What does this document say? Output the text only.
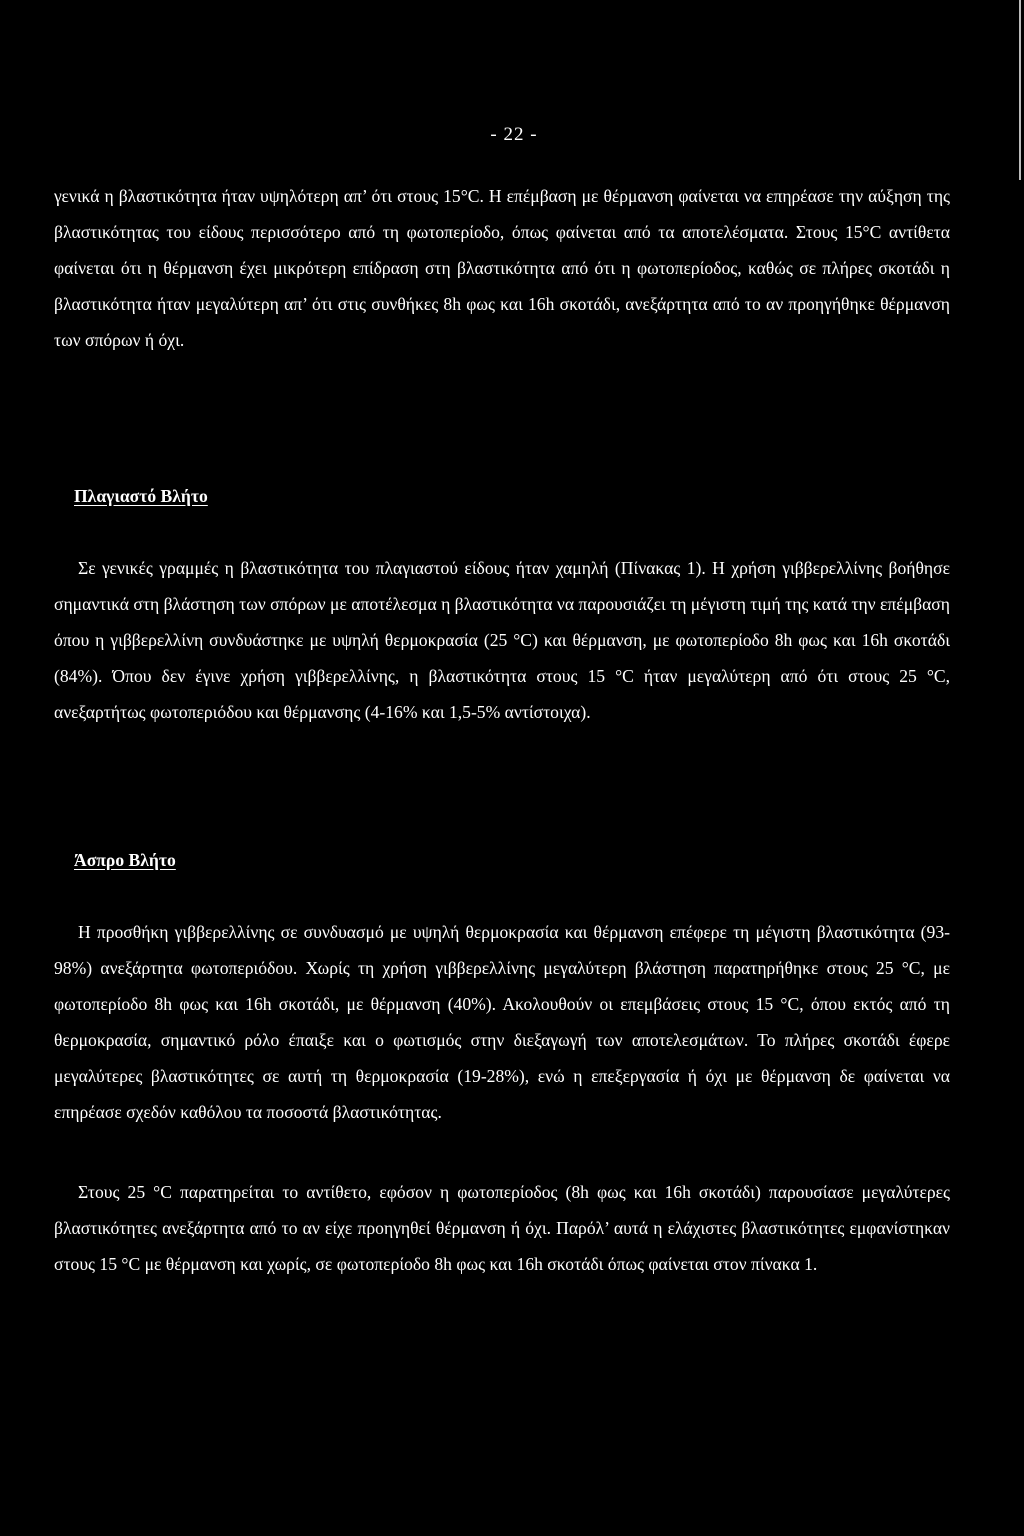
- 22 -

γενικά η βλαστικότητα ήταν υψηλότερη απ’ ότι στους 15°C. Η επέμβαση με θέρμανση φαίνεται να επηρέασε την αύξηση της βλαστικότητας του είδους περισσότερο από τη φωτοπερίοδο, όπως φαίνεται από τα αποτελέσματα. Στους 15°C αντίθετα φαίνεται ότι η θέρμανση έχει μικρότερη επίδραση στη βλαστικότητα από ότι η φωτοπερίοδος, καθώς σε πλήρες σκοτάδι η βλαστικότητα ήταν μεγαλύτερη απ’ ότι στις συνθήκες 8h φως και 16h σκοτάδι, ανεξάρτητα από το αν προηγήθηκε θέρμανση των σπόρων ή όχι.

Πλαγιαστό Βλήτο

Σε γενικές γραμμές η βλαστικότητα του πλαγιαστού είδους ήταν χαμηλή (Πίνακας 1). Η χρήση γιββερελλίνης βοήθησε σημαντικά στη βλάστηση των σπόρων με αποτέλεσμα η βλαστικότητα να παρουσιάζει τη μέγιστη τιμή της κατά την επέμβαση όπου η γιββερελλίνη συνδυάστηκε με υψηλή θερμοκρασία (25 °C) και θέρμανση, με φωτοπερίοδο 8h φως και 16h σκοτάδι (84%). Όπου δεν έγινε χρήση γιββερελλίνης, η βλαστικότητα στους 15 °C ήταν μεγαλύτερη από ότι στους 25 °C, ανεξαρτήτως φωτοπεριόδου και θέρμανσης (4-16% και 1,5-5% αντίστοιχα).

Άσπρο Βλήτο

Η προσθήκη γιββερελλίνης σε συνδυασμό με υψηλή θερμοκρασία και θέρμανση επέφερε τη μέγιστη βλαστικότητα (93-98%) ανεξάρτητα φωτοπεριόδου. Χωρίς τη χρήση γιββερελλίνης μεγαλύτερη βλάστηση παρατηρήθηκε στους 25 °C, με φωτοπερίοδο 8h φως και 16h σκοτάδι, με θέρμανση (40%). Ακολουθούν οι επεμβάσεις στους 15 °C, όπου εκτός από τη θερμοκρασία, σημαντικό ρόλο έπαιξε και ο φωτισμός στην διεξαγωγή των αποτελεσμάτων. Το πλήρες σκοτάδι έφερε μεγαλύτερες βλαστικότητες σε αυτή τη θερμοκρασία (19-28%), ενώ η επεξεργασία ή όχι με θέρμανση δε φαίνεται να επηρέασε σχεδόν καθόλου τα ποσοστά βλαστικότητας.

Στους 25 °C παρατηρείται το αντίθετο, εφόσον η φωτοπερίοδος (8h φως και 16h σκοτάδι) παρουσίασε μεγαλύτερες βλαστικότητες ανεξάρτητα από το αν είχε προηγηθεί θέρμανση ή όχι. Παρόλ’ αυτά η ελάχιστες βλαστικότητες εμφανίστηκαν στους 15 °C με θέρμανση και χωρίς, σε φωτοπερίοδο 8h φως και 16h σκοτάδι όπως φαίνεται στον πίνακα 1.
